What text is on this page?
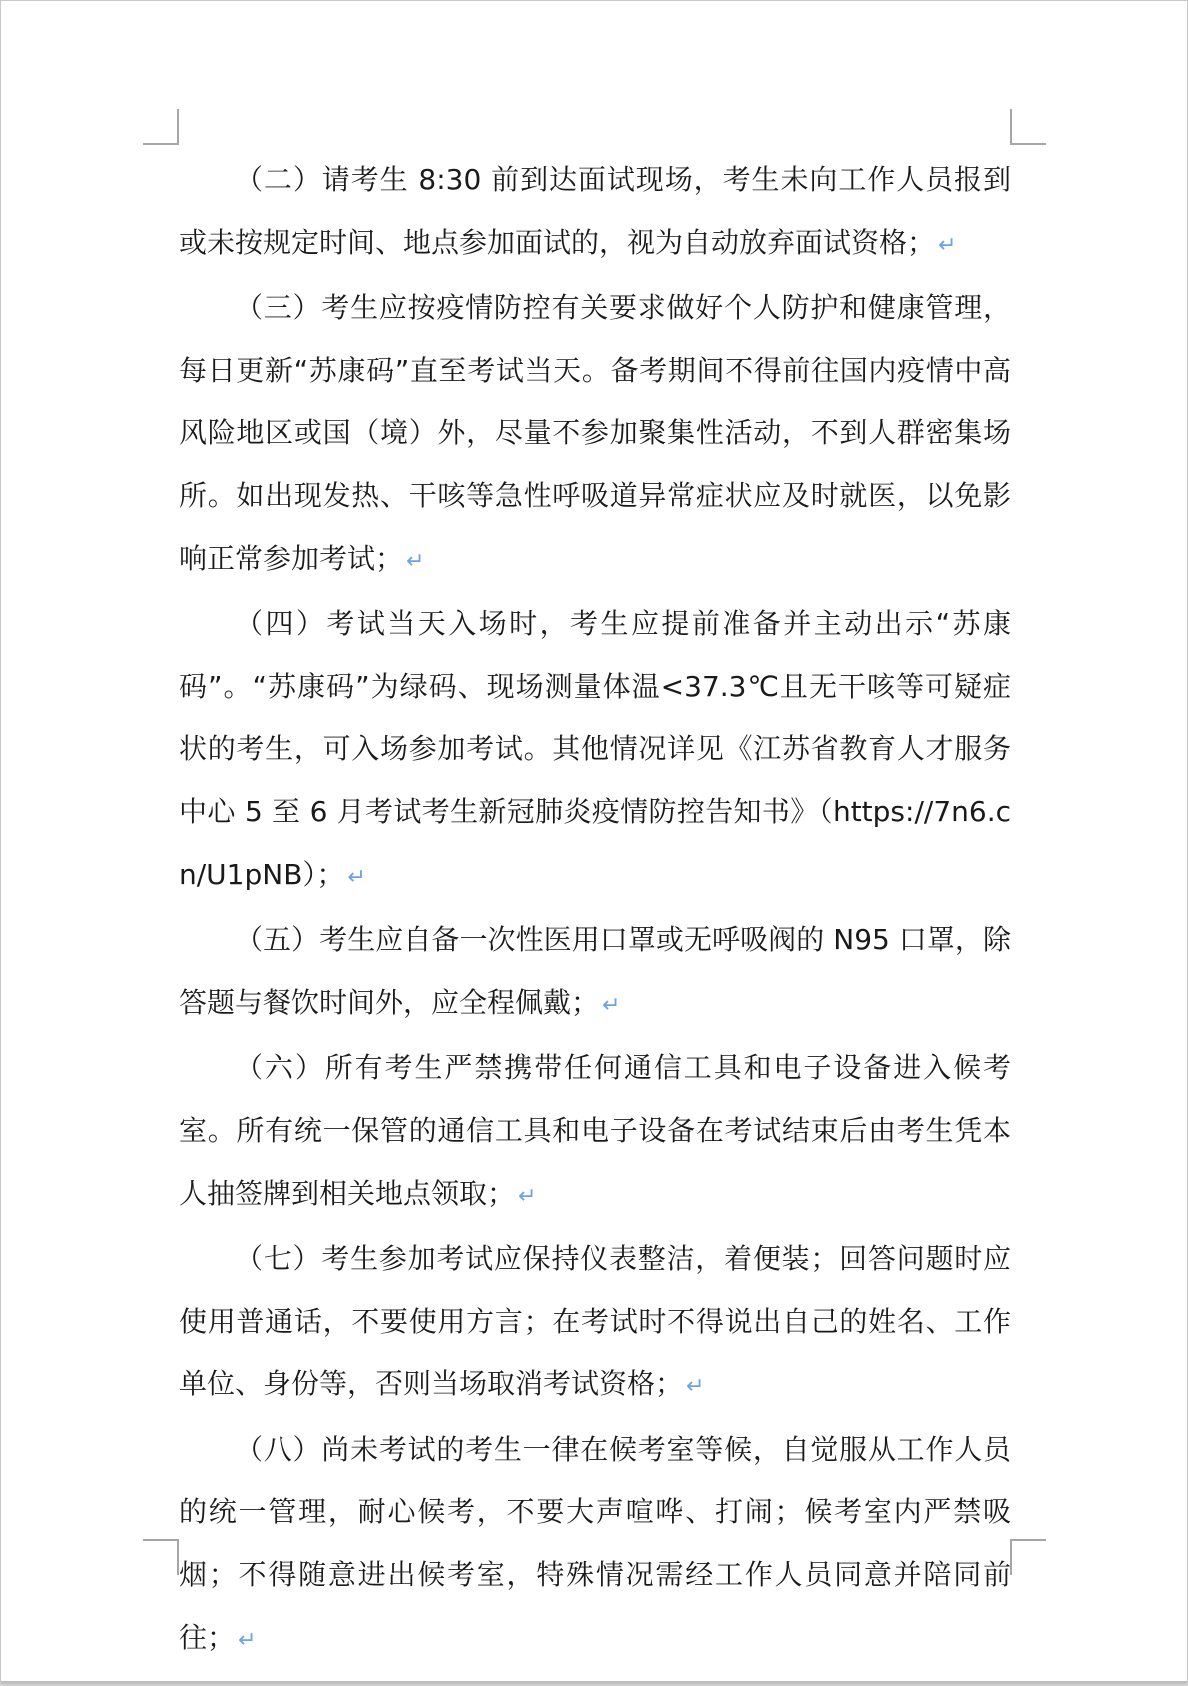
（二）请考生 8:30 前到达面试现场，考生未向工作人员报到或未按规定时间、地点参加面试的，视为自动放弃面试资格； ↵

（三）考生应按疫情防控有关要求做好个人防护和健康管理，每日更新“苏康码”直至考试当天。备考期间不得前往国内疫情中高风险地区或国（境）外，尽量不参加聚集性活动，不到人群密集场所。如出现发热、干咳等急性呼吸道异常症状应及时就医，以免影响正常参加考试； ↵

（四）考试当天入场时，考生应提前准备并主动出示“苏康码”。“苏康码”为绿码、现场测量体温<37.3℃且无干咳等可疑症状的考生，可入场参加考试。其他情况详见《江苏省教育人才服务中心 5 至 6 月考试考生新冠肺炎疫情防控告知书》（https://7n6.cn/U1pNB）； ↵

（五）考生应自备一次性医用口罩或无呼吸阀的 N95 口罩，除答题与餐饮时间外，应全程佩戴； ↵

（六）所有考生严禁携带任何通信工具和电子设备进入候考室。所有统一保管的通信工具和电子设备在考试结束后由考生凭本人抽签牌到相关地点领取； ↵

（七）考生参加考试应保持仪表整洁，着便装；回答问题时应使用普通话，不要使用方言；在考试时不得说出自己的姓名、工作单位、身份等，否则当场取消考试资格； ↵

（八）尚未考试的考生一律在候考室等候，自觉服从工作人员的统一管理，耐心候考，不要大声喧哗、打闹；候考室内严禁吸烟；不得随意进出候考室，特殊情况需经工作人员同意并陪同前往； ↵
